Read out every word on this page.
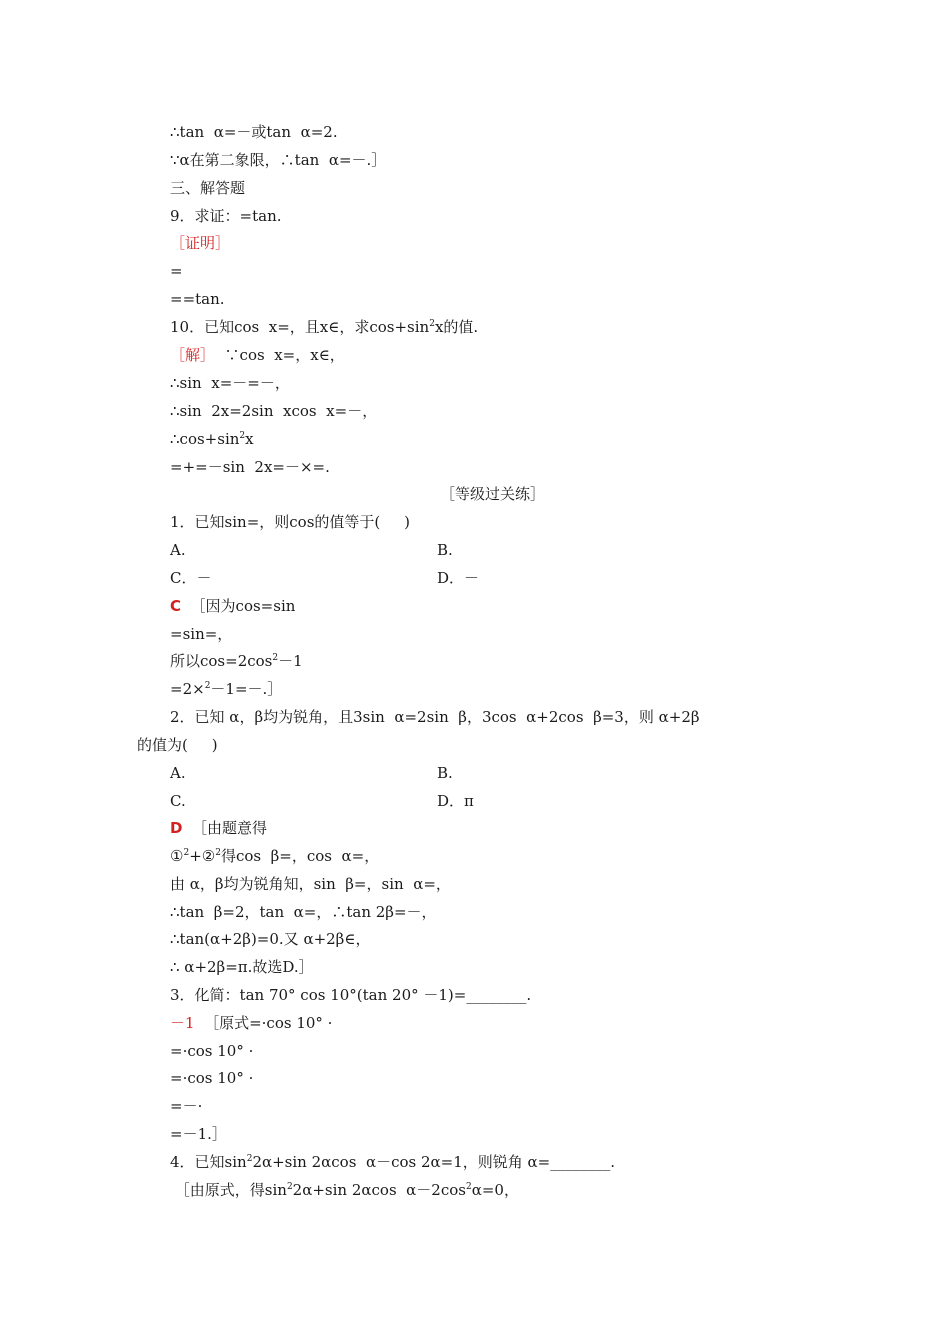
∴tan  α=－或tan  α=2.
∵α在第二象限，∴tan  α=－.］
三、解答题
9．求证：=tan.
［证明］
=
==tan.
10．已知cos  x=，且x∈，求$\cos+\sin^2x$的值.
［解］  ∵cos  x=，x∈，
∴sin  x=－=－，
∴sin  2x=2sin  xcos  x=－，
$\therefore\cos+\sin^2x$
=+=－sin  2x=－×=.
［等级过关练］
1．已知sin=，则cos的值等于(     )
A.	B.
C．－	D．－
C  ［因为cos=sin
=sin=，
所以$\cos=2\cos^2-1$
=2×$^2$－1=－.］
2．已知 α，β均为锐角，且3sin  α=2sin  β，3cos  α+2cos  β=3，则 α+2β
的值为(     )
A.	B.
C.	D．π
D  ［由题意得
①$^2$+②$^2$得cos  β=，cos  α=，
由 α，β均为锐角知，sin  β=，sin  α=，
∴tan  β=2，tan  α=，∴tan 2β=－，
∴tan(α+2β)=0.又 α+2β∈，
∴ α+2β=π.故选D.］
3．化简：tan 70° cos 10°(tan 20° －1)=________.
－1  ［原式=·cos 10° ·
=·cos 10° ·
=·cos 10° ·
=－·
=－1.］
4．已知$\sin^22\alpha+\sin$ 2αcos  α－cos 2α=1，则锐角 α=________.
［由原式，得$\sin^22\alpha+\sin$ 2αcos  $\alpha-2\cos^2\alpha=0$，
